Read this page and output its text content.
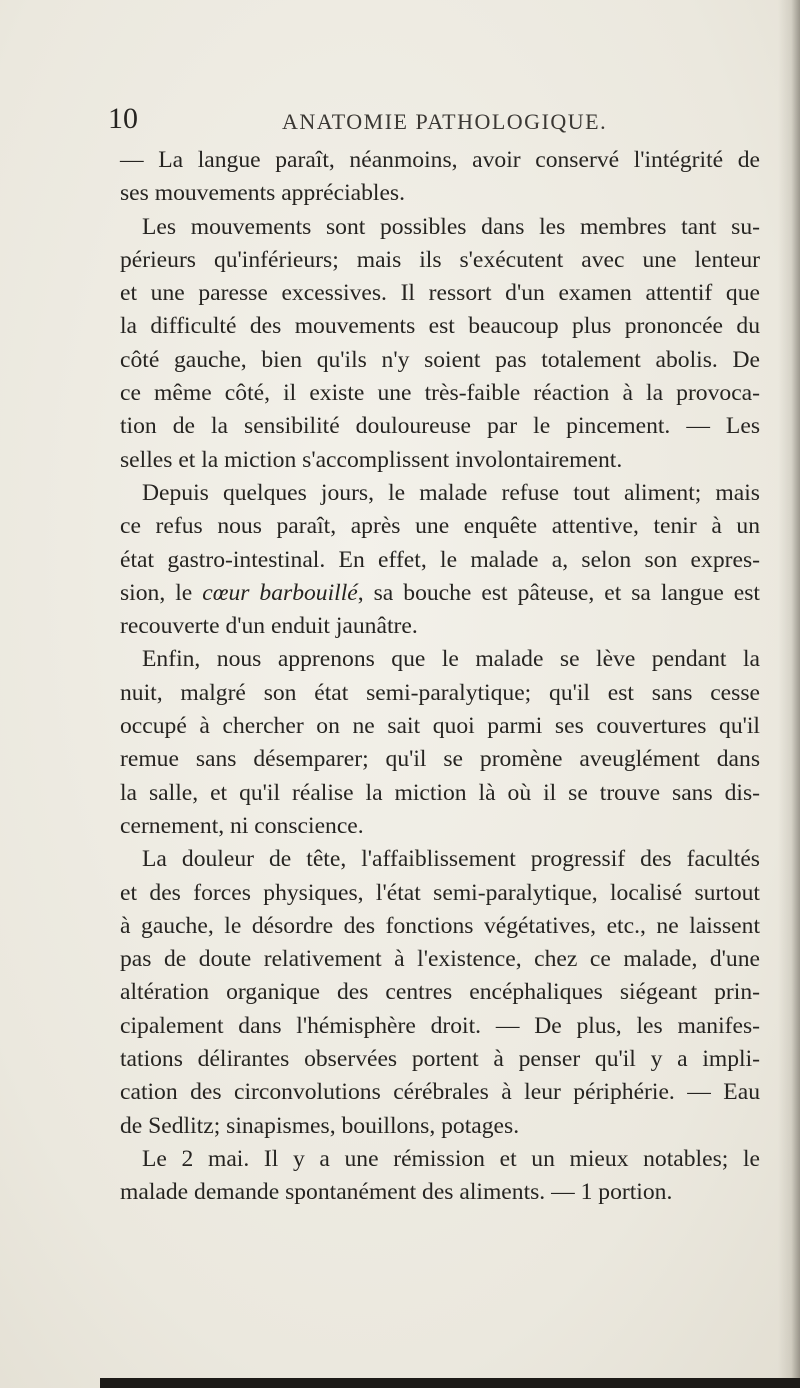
10	ANATOMIE PATHOLOGIQUE.
— La langue paraît, néanmoins, avoir conservé l'intégrité de
ses mouvements appréciables.
Les mouvements sont possibles dans les membres tant su-
périeurs qu'inférieurs; mais ils s'exécutent avec une lenteur
et une paresse excessives. Il ressort d'un examen attentif que
la difficulté des mouvements est beaucoup plus prononcée du
côté gauche, bien qu'ils n'y soient pas totalement abolis. De
ce même côté, il existe une très-faible réaction à la provoca-
tion de la sensibilité douloureuse par le pincement. — Les
selles et la miction s'accomplissent involontairement.
Depuis quelques jours, le malade refuse tout aliment; mais
ce refus nous paraît, après une enquête attentive, tenir à un
état gastro-intestinal. En effet, le malade a, selon son expres-
sion, le cœur barbouillé, sa bouche est pâteuse, et sa langue est
recouverte d'un enduit jaunâtre.
Enfin, nous apprenons que le malade se lève pendant la
nuit, malgré son état semi-paralytique; qu'il est sans cesse
occupé à chercher on ne sait quoi parmi ses couvertures qu'il
remue sans désemparer; qu'il se promène aveuglément dans
la salle, et qu'il réalise la miction là où il se trouve sans dis-
cernement, ni conscience.
La douleur de tête, l'affaiblissement progressif des facultés
et des forces physiques, l'état semi-paralytique, localisé surtout
à gauche, le désordre des fonctions végétatives, etc., ne laissent
pas de doute relativement à l'existence, chez ce malade, d'une
altération organique des centres encéphaliques siégeant prin-
cipalement dans l'hémisphère droit. — De plus, les manifes-
tations délirantes observées portent à penser qu'il y a impli-
cation des circonvolutions cérébrales à leur périphérie. — Eau
de Sedlitz; sinapismes, bouillons, potages.
Le 2 mai. Il y a une rémission et un mieux notables; le
malade demande spontanément des aliments. — 1 portion.
